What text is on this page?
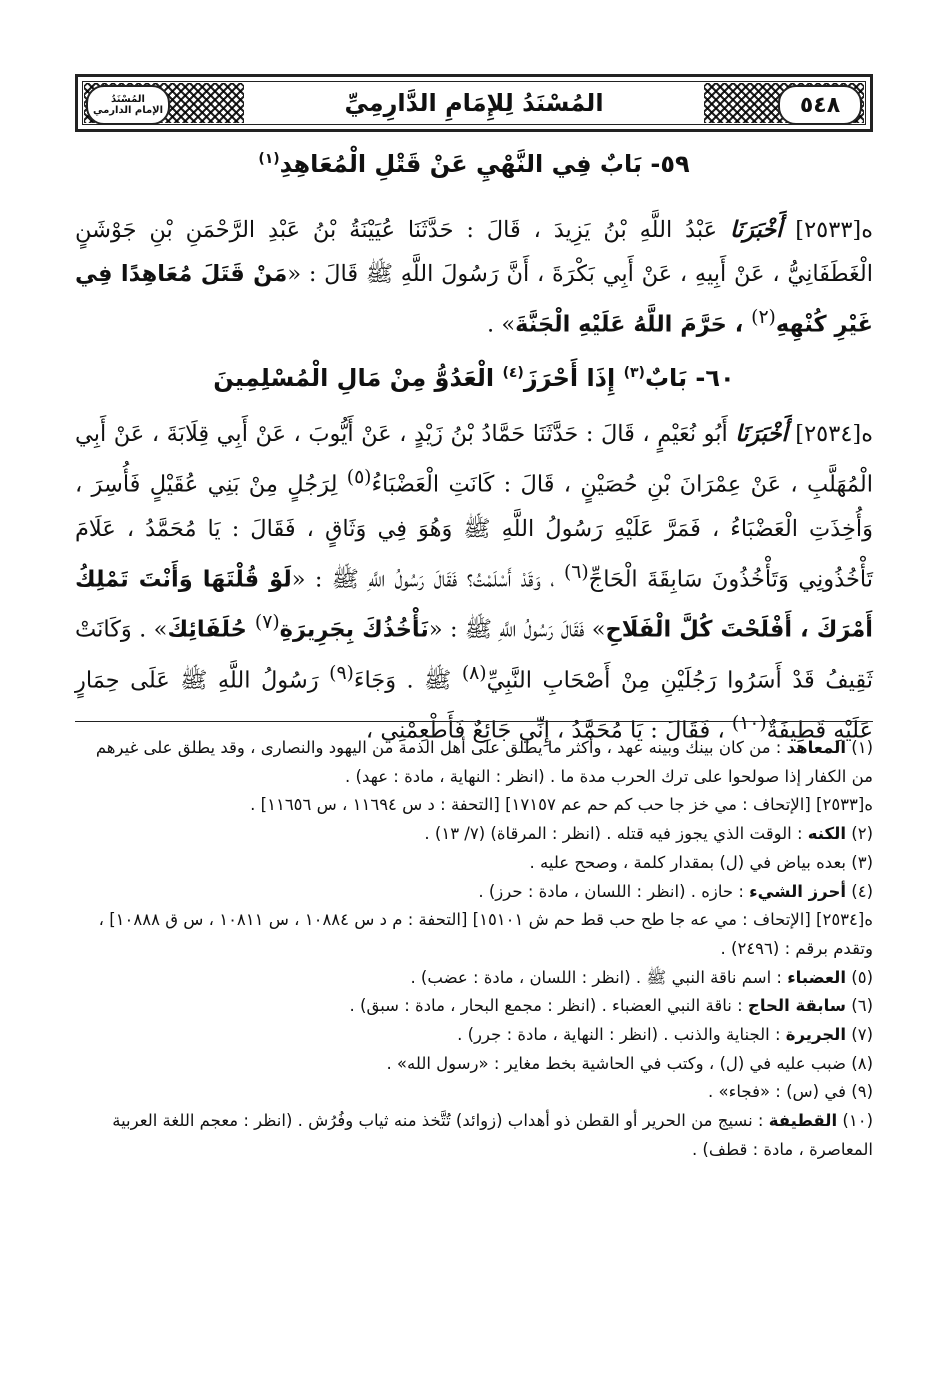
٥٤٨
المُسْنَدُ لِلإِمَامِ الدَّارِمِيِّ
المُسْنَدُ
الإمام الدارمي
٥٩- بَابٌ فِي النَّهْيِ عَنْ قَتْلِ الْمُعَاهِدِ$^{(١)}$
ه[٢٥٣٣] أَخْبَرَنَا عَبْدُ اللَّهِ بْنُ يَزِيدَ ، قَالَ : حَدَّثَنَا عُيَيْنَةُ بْنُ عَبْدِ الرَّحْمَنِ بْنِ جَوْشَنٍ الْغَطَفَانِيُّ ، عَنْ أَبِيهِ ، عَنْ أَبِي بَكْرَةَ ، أَنَّ رَسُولَ اللَّهِ ﷺ قَالَ : «مَنْ قَتَلَ مُعَاهِدًا فِي غَيْرِ كُنْهِهِ$^{(٢)}$ ، حَرَّمَ اللَّهُ عَلَيْهِ الْجَنَّةَ» .
٦٠- بَابٌ$^{(٣)}$ إِذَا أَحْرَزَ$^{(٤)}$ الْعَدُوُّ مِنْ مَالِ الْمُسْلِمِينَ
ه[٢٥٣٤] أَخْبَرَنَا أَبُو نُعَيْمٍ ، قَالَ : حَدَّثَنَا حَمَّادُ بْنُ زَيْدٍ ، عَنْ أَيُّوبَ ، عَنْ أَبِي قِلَابَةَ ، عَنْ أَبِي الْمُهَلَّبِ ، عَنْ عِمْرَانَ بْنِ حُصَيْنٍ ، قَالَ : كَانَتِ الْعَضْبَاءُ$^{(٥)}$ لِرَجُلٍ مِنْ بَنِي عُقَيْلٍ فَأُسِرَ ، وَأُخِذَتِ الْعَضْبَاءُ ، فَمَرَّ عَلَيْهِ رَسُولُ اللَّهِ ﷺ وَهُوَ فِي وَثَاقٍ ، فَقَالَ : يَا مُحَمَّدُ ، عَلَامَ تَأْخُذُونِي وَتَأْخُذُونَ سَابِقَةَ الْحَاجِّ$^{(٦)}$ ، وَقَدْ أَسْلَمْتُ؟ فَقَالَ رَسُولُ اللَّهِ ﷺ : «لَوْ قُلْتَهَا وَأَنْتَ تَمْلِكُ أَمْرَكَ ، أَفْلَحْتَ كُلَّ الْفَلَاحِ» فَقَالَ رَسُولُ اللَّهِ ﷺ : «نَأْخُذُكَ بِجَرِيرَةِ$^{(٧)}$ حُلَفَائِكَ» . وَكَانَتْ ثَقِيفُ قَدْ أَسَرُوا رَجُلَيْنِ مِنْ أَصْحَابِ النَّبِيِّ$^{(٨)}$ ﷺ . وَجَاءَ$^{(٩)}$ رَسُولُ اللَّهِ ﷺ عَلَى حِمَارٍ عَلَيْهِ قَطِيفَةٌ$^{(١٠)}$ ، فَقَالَ : يَا مُحَمَّدُ ، إِنِّي جَائِعٌ فَأَطْعِمْنِي ،

(١) المعاهد : من كان بينك وبينه عهد ، وأكثر ما يطلق على أهل الذمة من اليهود والنصارى ، وقد يطلق على غيرهم من الكفار إذا صولحوا على ترك الحرب مدة ما . (انظر : النهاية ، مادة : عهد) .

ه[٢٥٣٣] [الإتحاف : مي خز جا حب كم حم عم ١٧١٥٧] [التحفة : د س ١١٦٩٤ ، س ١١٦٥٦] .

(٢) الكنه : الوقت الذي يجوز فيه قتله . (انظر : المرقاة) (٧/ ١٣) .

(٣) بعده بياض في (ل) بمقدار كلمة ، وصحح عليه .

(٤) أحرز الشيء : حازه . (انظر : اللسان ، مادة : حرز) .

ه[٢٥٣٤] [الإتحاف : مي عه جا طح حب قط حم ش ١٥١٠١] [التحفة : م د س ١٠٨٨٤ ، س ١٠٨١١ ، س ق ١٠٨٨٨] ، وتقدم برقم : (٢٤٩٦) .

(٥) العضباء : اسم ناقة النبي ﷺ . (انظر : اللسان ، مادة : عضب) .

(٦) سابقة الحاج : ناقة النبي العضباء . (انظر : مجمع البحار ، مادة : سبق) .

(٧) الجريرة : الجناية والذنب . (انظر : النهاية ، مادة : جرر) .

(٨) ضبب عليه في (ل) ، وكتب في الحاشية بخط مغاير : «رسول الله» .

(٩) في (س) : «فجاء» .

(١٠) القطيفة : نسيج من الحرير أو القطن ذو أهداب (زوائد) تُتَّخذ منه ثياب وفُرُش . (انظر : معجم اللغة العربية المعاصرة ، مادة : قطف) .
